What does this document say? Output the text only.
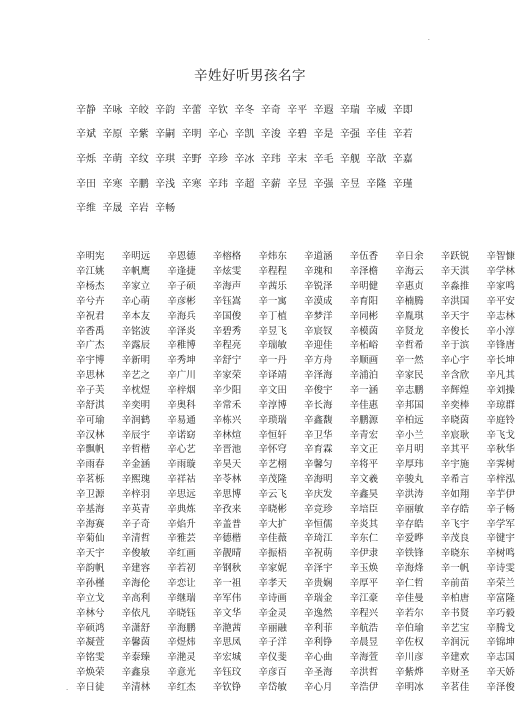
·
辛姓好听男孩名字
辛静 辛咏 辛皎 辛韵 辛蕾 辛钦 辛冬 辛奇 辛平 辛遐 辛瑞 辛威 辛即
辛斌 辛原 辛紫 辛嗣 辛明 辛心 辛凯 辛浚 辛碧 辛是 辛强 辛佳 辛若
辛烁 辛萌 辛纹 辛琪 辛野 辛珍 辛冰 辛玮 辛末 辛毛 辛舰 辛歆 辛嘉
辛田 辛寒 辛鹏 辛浅 辛寒 辛玮 辛超 辛薪 辛昱 辛强 辛昱 辛隆 辛瑾
辛维 辛晟 辛岩 辛畅
辛明宪	辛明远	辛恩德	辛榕格	辛炜东	辛道涵	辛伍香	辛日余	辛跃锐	辛智慷
辛江姚	辛帆鹰	辛逢捷	辛炫雯	辛程程	辛瑰和	辛泽檐	辛海云	辛天淇	辛学林
辛杨杰	辛家立	辛子硕	辛海声	辛茜乐	辛锐泽	辛明健	辛惠贞	辛淼推	辛家鸣
辛兮卉	辛心萌	辛彦彬	辛钰嵩	辛一寓	辛漠成	辛育阳	辛楠腾	辛洪国	辛平安
辛祝君	辛本友	辛海兵	辛国俊	辛丁植	辛梦洋	辛同彬	辛胤琪	辛天宇	辛志林
辛香禹	辛铭波	辛泽炎	辛碧秀	辛昱飞	辛宸钗	辛模茵	辛贤龙	辛俊长	辛小淳
辛广杰	辛露辰	辛稚博	辛程亮	辛瑞敏	辛迎佳	辛柘峪	辛哲希	辛于滨	辛锋唐
辛宇博	辛新明	辛秀坤	辛舒宁	辛一丹	辛方舟	辛顺画	辛一然	辛心宇	辛长坤
辛思林	辛艺之	辛广川	辛家荣	辛译靖	辛泽海	辛浦泊	辛家民	辛含欣	辛凡其
辛子芙	辛枕煜	辛梓烟	辛少阳	辛文田	辛俊宇	辛一涵	辛志鹏	辛辉煌	辛刘操
辛舒淇	辛奕明	辛奥科	辛常禾	辛淳博	辛长海	辛佳惠	辛邦国	辛奕棒	辛琼群
辛可瑜	辛润鹤	辛易通	辛栋兴	辛琐瑞	辛鑫馥	辛鹏源	辛柏远	辛晓茵	辛庭铃
辛汉林	辛辰宇	辛诺窈	辛林煊	辛恒轩	辛卫华	辛青宏	辛小兰	辛宸耿	辛飞戈
辛飘帆	辛哲楷	辛心艺	辛晋池	辛怀穹	辛育霖	辛文正	辛月明	辛其平	辛秋华
辛雨春	辛金涵	辛雨璇	辛昊天	辛艺栩	辛馨匀	辛将平	辛厚玮	辛宇施	辛霁树
辛茗栎	辛熙瑰	辛祥祜	辛苓林	辛茂隆	辛海明	辛文羲	辛骏丸	辛希言	辛梓泓
辛卫源	辛梓羽	辛思远	辛思博	辛云飞	辛庆发	辛鑫昊	辛洪涛	辛如翔	辛芋伊
辛基海	辛英青	辛典炼	辛孜来	辛晓彬	辛竞珍	辛培臣	辛丽敏	辛存皓	辛子畅
辛海赛	辛子奇	辛焰升	辛盖普	辛大扩	辛恒儒	辛炎其	辛存皓	辛飞宇	辛学军
辛菊仙	辛清哲	辛雅芸	辛德楷	辛佳薇	辛琦江	辛东仁	辛爱晔	辛茂良	辛键宇
辛天宇	辛俊敏	辛红画	辛靓晴	辛振梧	辛祝萌	辛伊隶	辛铁锋	辛晓东	辛树鸣
辛韵帆	辛建容	辛若初	辛钢秋	辛家妮	辛泽宇	辛玉焕	辛海烽	辛一帆	辛诗雯
辛孙槿	辛海伦	辛恋让	辛一祖	辛孝天	辛贵娴	辛厚平	辛仁哲	辛前苗	辛荣兰
辛立戈	辛高利	辛继瑞	辛军伟	辛诗画	辛瑞金	辛江豪	辛佳曼	辛柏唐	辛富隆
辛林兮	辛依凡	辛晓钰	辛文华	辛金灵	辛逸然	辛程兴	辛若尔	辛书贤	辛巧毅
辛硕鸿	辛潇舒	辛海鹏	辛滟茜	辛丽融	辛利菲	辛航浩	辛伯瑜	辛艺宝	辛腾戈
辛凝萱	辛馨茵	辛煜炜	辛思凤	辛子洋	辛利铮	辛晨昱	辛佐权	辛润沅	辛锦坤
辛铭雯	辛泰臻	辛滟灵	辛宏城	辛仪斐	辛心曲	辛海萱	辛川彦	辛建欢	辛志国
辛焕荣	辛鑫泉	辛意光	辛钰玟	辛彦百	辛圣海	辛洪哲	辛紫烨	辛财圣	辛天娇
辛日徒	辛清林	辛红杰	辛钦铮	辛岱敏	辛心月	辛浩伊	辛明冰	辛茗佳	辛泽俊
·
